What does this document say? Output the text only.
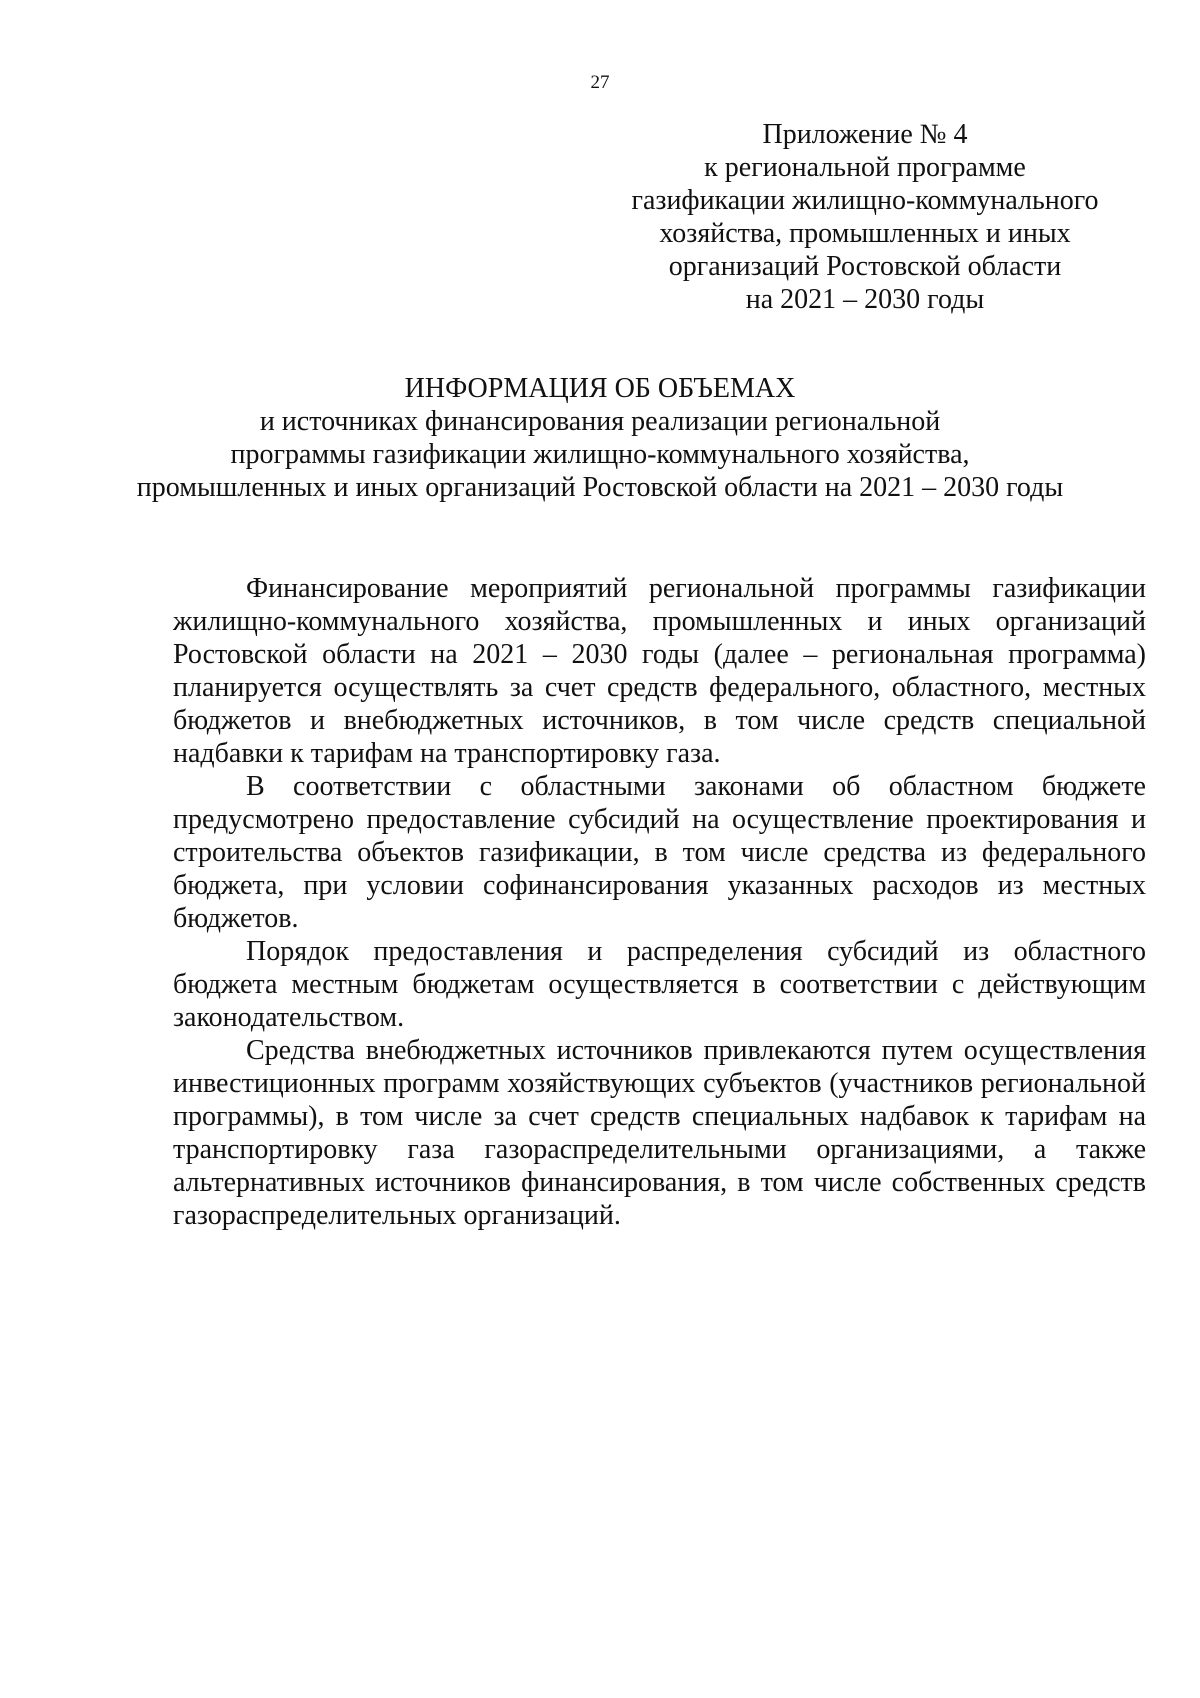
27
Приложение № 4
к региональной программе
газификации жилищно-коммунального
хозяйства, промышленных и иных
организаций Ростовской области
на 2021 – 2030 годы
ИНФОРМАЦИЯ ОБ ОБЪЕМАХ
и источниках финансирования реализации региональной
программы газификации жилищно-коммунального хозяйства,
промышленных и иных организаций Ростовской области на 2021 – 2030 годы

Финансирование мероприятий региональной программы газификации жилищно-коммунального хозяйства, промышленных и иных организаций Ростовской области на 2021 – 2030 годы (далее – региональная программа) планируется осуществлять за счет средств федерального, областного, местных бюджетов и внебюджетных источников, в том числе средств специальной надбавки к тарифам на транспортировку газа.

В соответствии с областными законами об областном бюджете предусмотрено предоставление субсидий на осуществление проектирования и строительства объектов газификации, в том числе средства из федерального бюджета, при условии софинансирования указанных расходов из местных бюджетов.

Порядок предоставления и распределения субсидий из областного бюджета местным бюджетам осуществляется в соответствии с действующим законодательством.

Средства внебюджетных источников привлекаются путем осуществления инвестиционных программ хозяйствующих субъектов (участников региональной программы), в том числе за счет средств специальных надбавок к тарифам на транспортировку газа газораспределительными организациями, а также альтернативных источников финансирования, в том числе собственных средств газораспределительных организаций.
